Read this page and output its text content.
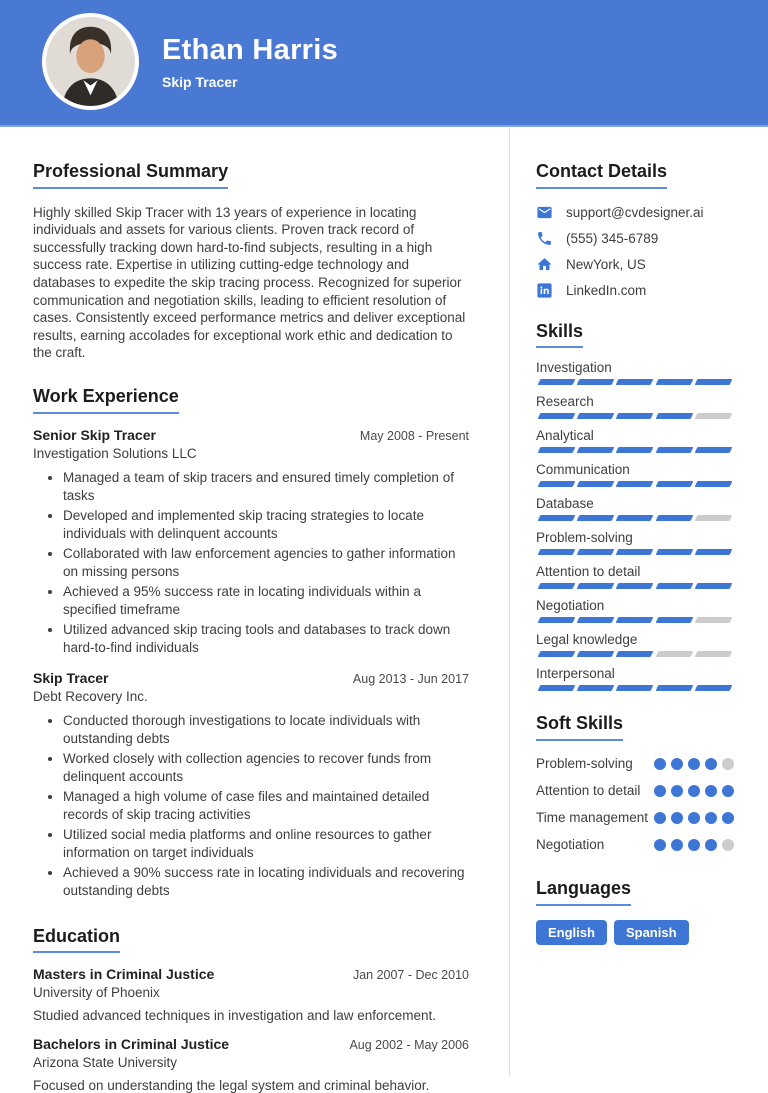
Ethan Harris
Skip Tracer
Professional Summary

Highly skilled Skip Tracer with 13 years of experience in locating individuals and assets for various clients. Proven track record of successfully tracking down hard-to-find subjects, resulting in a high success rate. Expertise in utilizing cutting-edge technology and databases to expedite the skip tracing process. Recognized for superior communication and negotiation skills, leading to efficient resolution of cases. Consistently exceed performance metrics and deliver exceptional results, earning accolades for exceptional work ethic and dedication to the craft.

Work Experience
Senior Skip Tracer	May 2008 - Present
Investigation Solutions LLC
• Managed a team of skip tracers and ensured timely completion of tasks
• Developed and implemented skip tracing strategies to locate individuals with delinquent accounts
• Collaborated with law enforcement agencies to gather information on missing persons
• Achieved a 95% success rate in locating individuals within a specified timeframe
• Utilized advanced skip tracing tools and databases to track down hard-to-find individuals
Skip Tracer	Aug 2013 - Jun 2017
Debt Recovery Inc.
• Conducted thorough investigations to locate individuals with outstanding debts
• Worked closely with collection agencies to recover funds from delinquent accounts
• Managed a high volume of case files and maintained detailed records of skip tracing activities
• Utilized social media platforms and online resources to gather information on target individuals
• Achieved a 90% success rate in locating individuals and recovering outstanding debts
Education
Masters in Criminal Justice	Jan 2007 - Dec 2010
University of Phoenix
Studied advanced techniques in investigation and law enforcement.
Bachelors in Criminal Justice	Aug 2002 - May 2006
Arizona State University
Focused on understanding the legal system and criminal behavior.
Contact Details
support@cvdesigner.ai
(555) 345-6789
NewYork, US
LinkedIn.com
Skills
Investigation
Research
Analytical
Communication
Database
Problem-solving
Attention to detail
Negotiation
Legal knowledge
Interpersonal
Soft Skills
Problem-solving
Attention to detail
Time management
Negotiation
Languages
English	Spanish
